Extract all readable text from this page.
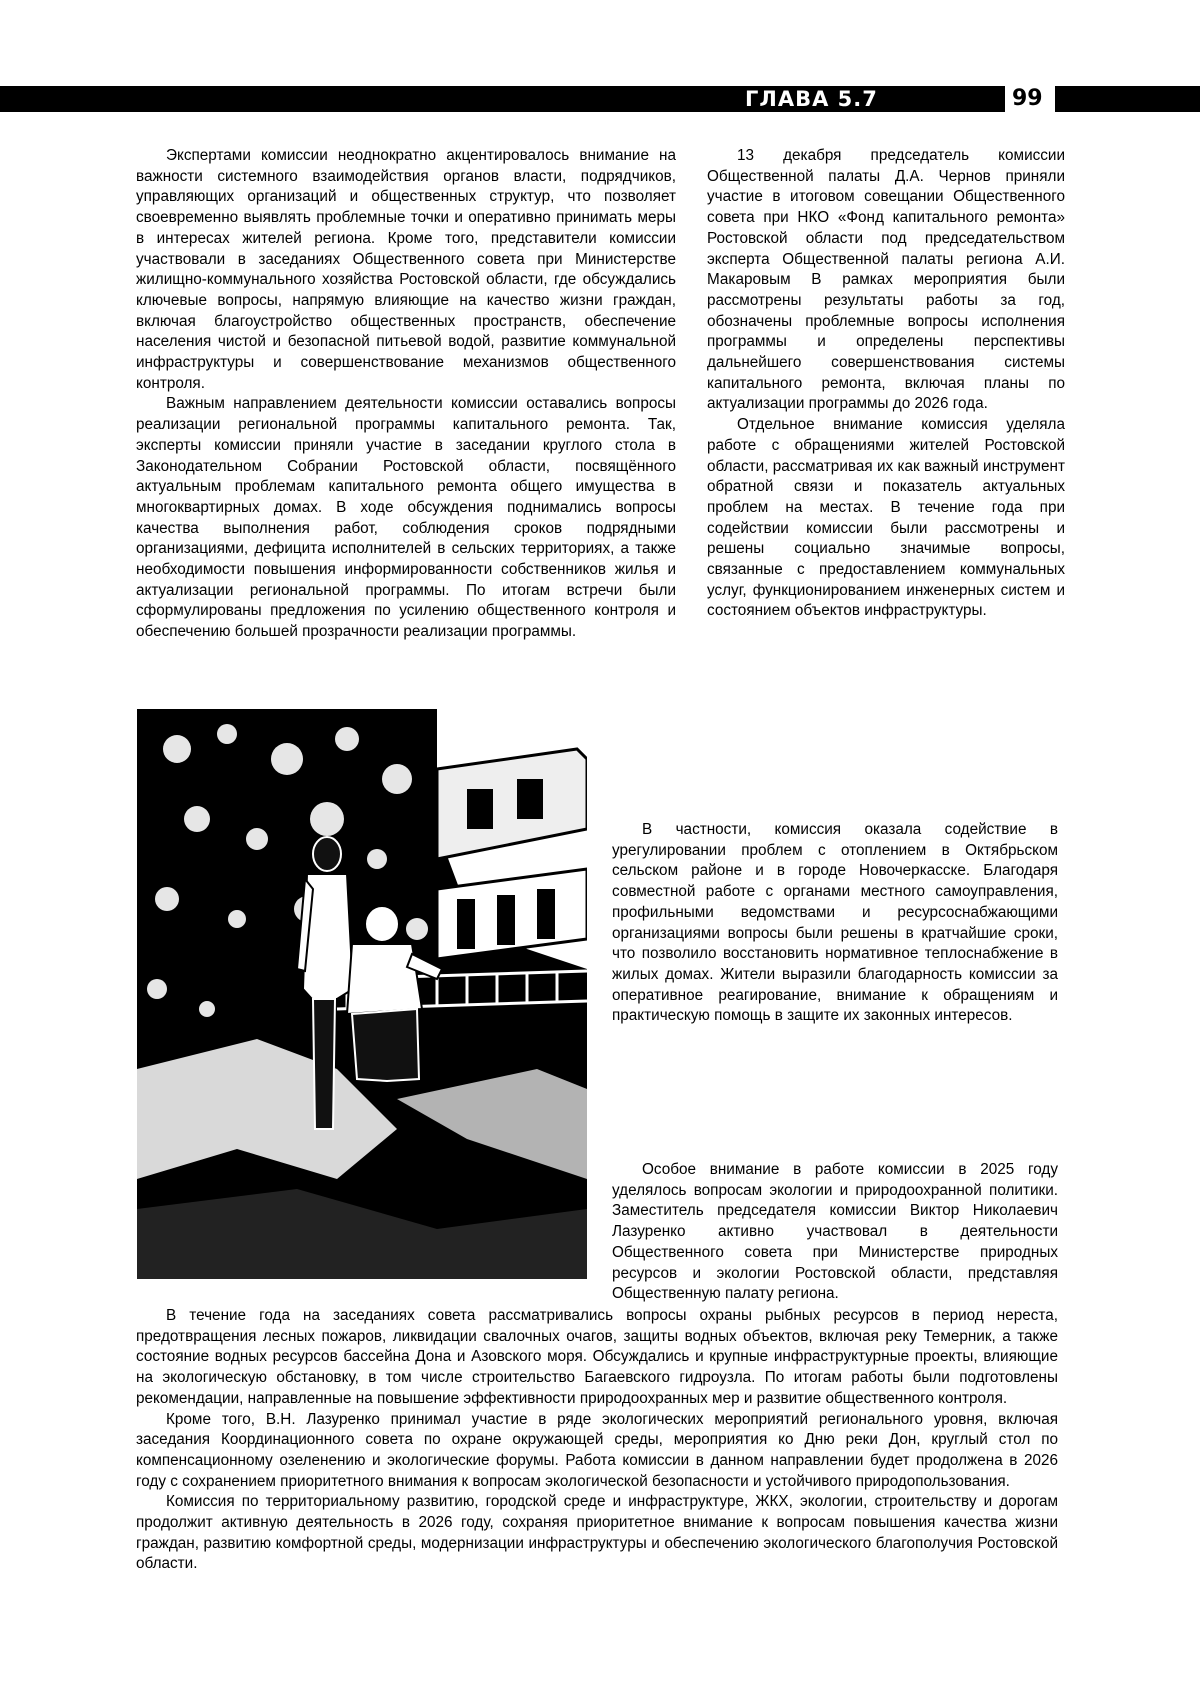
ГЛАВА 5.7	99

Экспертами комиссии неоднократно акцентировалось внимание на важности системного взаимодействия органов власти, подрядчиков, управляющих организаций и общественных структур, что позволяет своевременно выявлять проблемные точки и оперативно принимать меры в интересах жителей региона. Кроме того, представители комиссии участвовали в заседаниях Общественного совета при Министерстве жилищно-коммунального хозяйства Ростовской области, где обсуждались ключевые вопросы, напрямую влияющие на качество жизни граждан, включая благоустройство общественных пространств, обеспечение населения чистой и безопасной питьевой водой, развитие коммунальной инфраструктуры и совершенствование механизмов общественного контроля.

Важным направлением деятельности комиссии оставались вопросы реализации региональной программы капитального ремонта. Так, эксперты комиссии приняли участие в заседании круглого стола в Законодательном Собрании Ростовской области, посвящённого актуальным проблемам капитального ремонта общего имущества в многоквартирных домах. В ходе обсуждения поднимались вопросы качества выполнения работ, соблюдения сроков подрядными организациями, дефицита исполнителей в сельских территориях, а также необходимости повышения информированности собственников жилья и актуализации региональной программы. По итогам встречи были сформулированы предложения по усилению общественного контроля и обеспечению большей прозрачности реализации программы.

13 декабря председатель комиссии Общественной палаты Д.А. Чернов приняли участие в итоговом совещании Общественного совета при НКО «Фонд капитального ремонта» Ростовской области под председательством эксперта Общественной палаты региона А.И. Макаровым В рамках мероприятия были рассмотрены результаты работы за год, обозначены проблемные вопросы исполнения программы и определены перспективы дальнейшего совершенствования системы капитального ремонта, включая планы по актуализации программы до 2026 года.

Отдельное внимание комиссия уделяла работе с обращениями жителей Ростовской области, рассматривая их как важный инструмент обратной связи и показатель актуальных проблем на местах. В течение года при содействии комиссии были рассмотрены и решены социально значимые вопросы, связанные с предоставлением коммунальных услуг, функционированием инженерных систем и состоянием объектов инфраструктуры.

В частности, комиссия оказала содействие в урегулировании проблем с отоплением в Октябрьском сельском районе и в городе Новочеркасске. Благодаря совместной работе с органами местного самоуправления, профильными ведомствами и ресурсоснабжающими организациями вопросы были решены в кратчайшие сроки, что позволило восстановить нормативное теплоснабжение в жилых домах. Жители выразили благодарность комиссии за оперативное реагирование, внимание к обращениям и практическую помощь в защите их законных интересов.

Особое внимание в работе комиссии в 2025 году уделялось вопросам экологии и природоохранной политики. Заместитель председателя комиссии Виктор Николаевич Лазуренко активно участвовал в деятельности Общественного совета при Министерстве природных ресурсов и экологии Ростовской области, представляя Общественную палату региона.

В течение года на заседаниях совета рассматривались вопросы охраны рыбных ресурсов в период нереста, предотвращения лесных пожаров, ликвидации свалочных очагов, защиты водных объектов, включая реку Темерник, а также состояние водных ресурсов бассейна Дона и Азовского моря. Обсуждались и крупные инфраструктурные проекты, влияющие на экологическую обстановку, в том числе строительство Багаевского гидроузла. По итогам работы были подготовлены рекомендации, направленные на повышение эффективности природоохранных мер и развитие общественного контроля.

Кроме того, В.Н. Лазуренко принимал участие в ряде экологических мероприятий регионального уровня, включая заседания Координационного совета по охране окружающей среды, мероприятия ко Дню реки Дон, круглый стол по компенсационному озеленению и экологические форумы. Работа комиссии в данном направлении будет продолжена в 2026 году с сохранением приоритетного внимания к вопросам экологической безопасности и устойчивого природопользования.

Комиссия по территориальному развитию, городской среде и инфраструктуре, ЖКХ, экологии, строительству и дорогам продолжит активную деятельность в 2026 году, сохраняя приоритетное внимание к вопросам повышения качества жизни граждан, развитию комфортной среды, модернизации инфраструктуры и обеспечению экологического благополучия Ростовской области.
